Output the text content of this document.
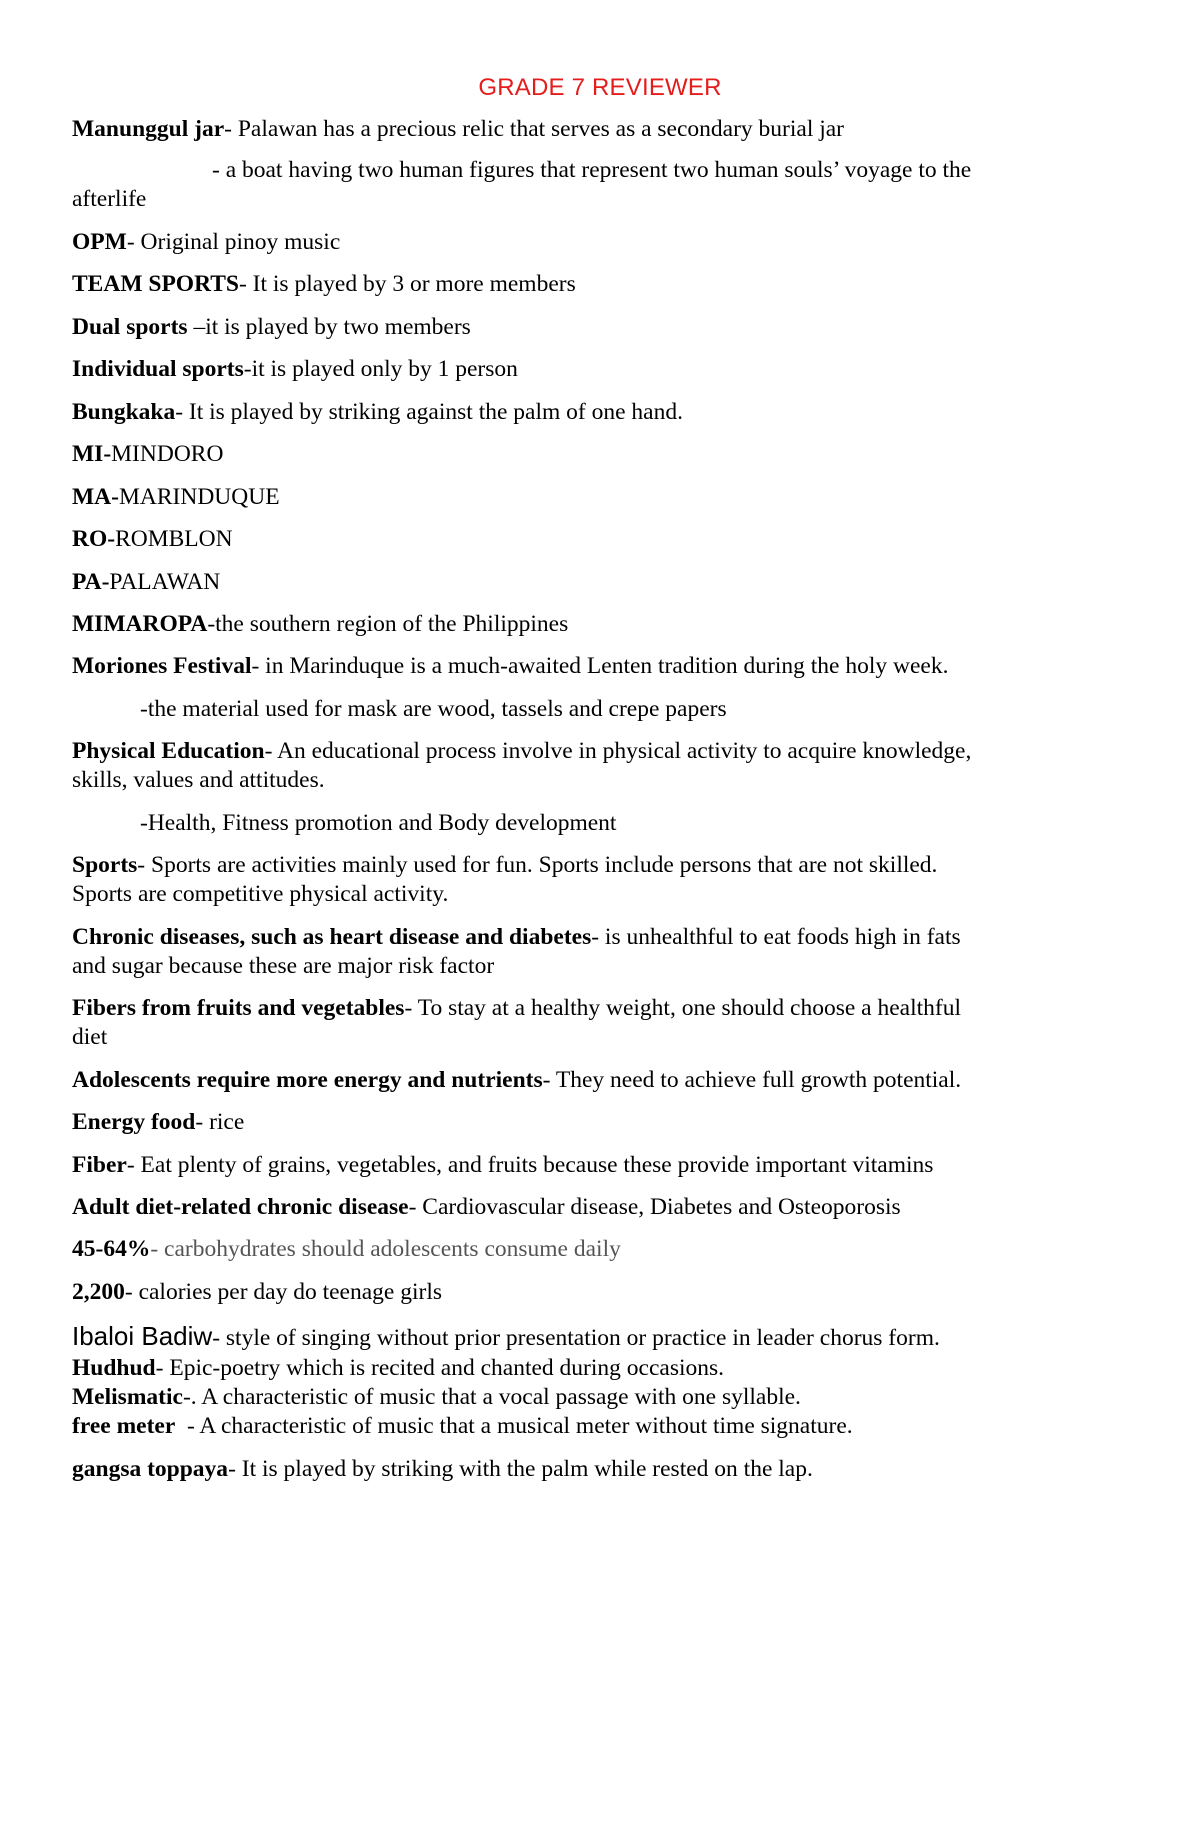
GRADE 7 REVIEWER
Manunggul jar- Palawan has a precious relic that serves as a secondary burial jar
- a boat having two human figures that represent two human souls’ voyage to the
afterlife
OPM- Original pinoy music
TEAM SPORTS- It is played by 3 or more members
Dual sports –it is played by two members
Individual sports-it is played only by 1 person
Bungkaka- It is played by striking against the palm of one hand.
MI-MINDORO
MA-MARINDUQUE
RO-ROMBLON
PA-PALAWAN
MIMAROPA-the southern region of the Philippines
Moriones Festival- in Marinduque is a much-awaited Lenten tradition during the holy week.
-the material used for mask are wood, tassels and crepe papers
Physical Education- An educational process involve in physical activity to acquire knowledge,
skills, values and attitudes.
-Health, Fitness promotion and Body development
Sports- Sports are activities mainly used for fun. Sports include persons that are not skilled.
Sports are competitive physical activity.
Chronic diseases, such as heart disease and diabetes- is unhealthful to eat foods high in fats
and sugar because these are major risk factor
Fibers from fruits and vegetables- To stay at a healthy weight, one should choose a healthful
diet
Adolescents require more energy and nutrients- They need to achieve full growth potential.
Energy food- rice
Fiber- Eat plenty of grains, vegetables, and fruits because these provide important vitamins
Adult diet-related chronic disease- Cardiovascular disease, Diabetes and Osteoporosis
45-64%- carbohydrates should adolescents consume daily
2,200- calories per day do teenage girls
Ibaloi Badiw- style of singing without prior presentation or practice in leader chorus form.
Hudhud- Epic-poetry which is recited and chanted during occasions.
Melismatic-. A characteristic of music that a vocal passage with one syllable.
free meter  - A characteristic of music that a musical meter without time signature.
gangsa toppaya- It is played by striking with the palm while rested on the lap.
